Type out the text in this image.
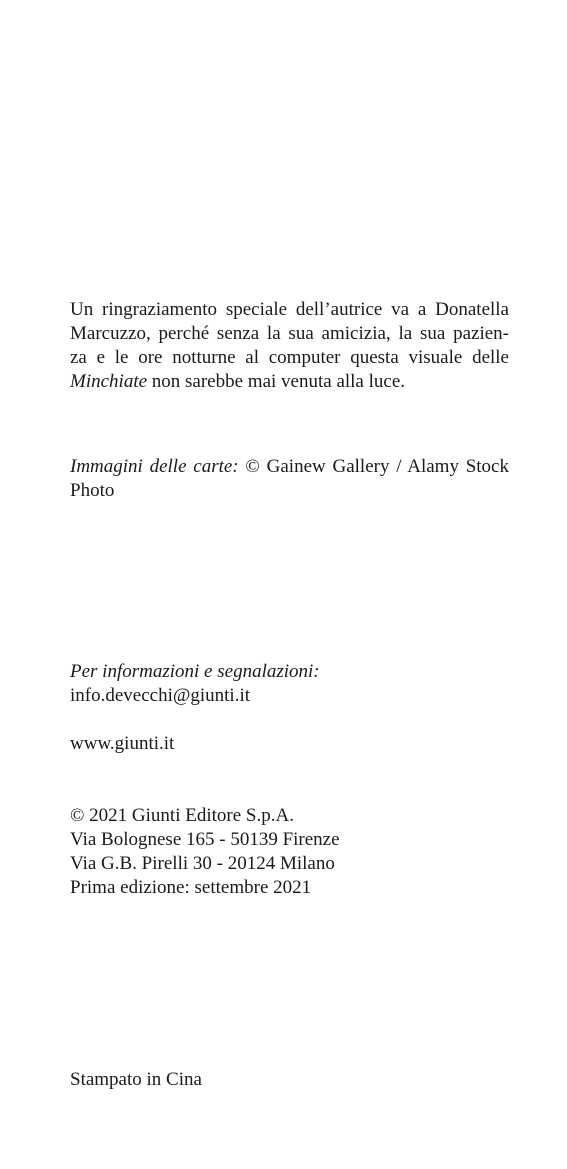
Un ringraziamento speciale dell’autrice va a Donatella
Marcuzzo, perché senza la sua amicizia, la sua pazien-
za e le ore notturne al computer questa visuale delle
Minchiate non sarebbe mai venuta alla luce.
Immagini delle carte: © Gainew Gallery / Alamy Stock
Photo
Per informazioni e segnalazioni:
info.devecchi@giunti.it
www.giunti.it
© 2021 Giunti Editore S.p.A.
Via Bolognese 165 - 50139 Firenze
Via G.B. Pirelli 30 - 20124 Milano
Prima edizione: settembre 2021
Stampato in Cina
